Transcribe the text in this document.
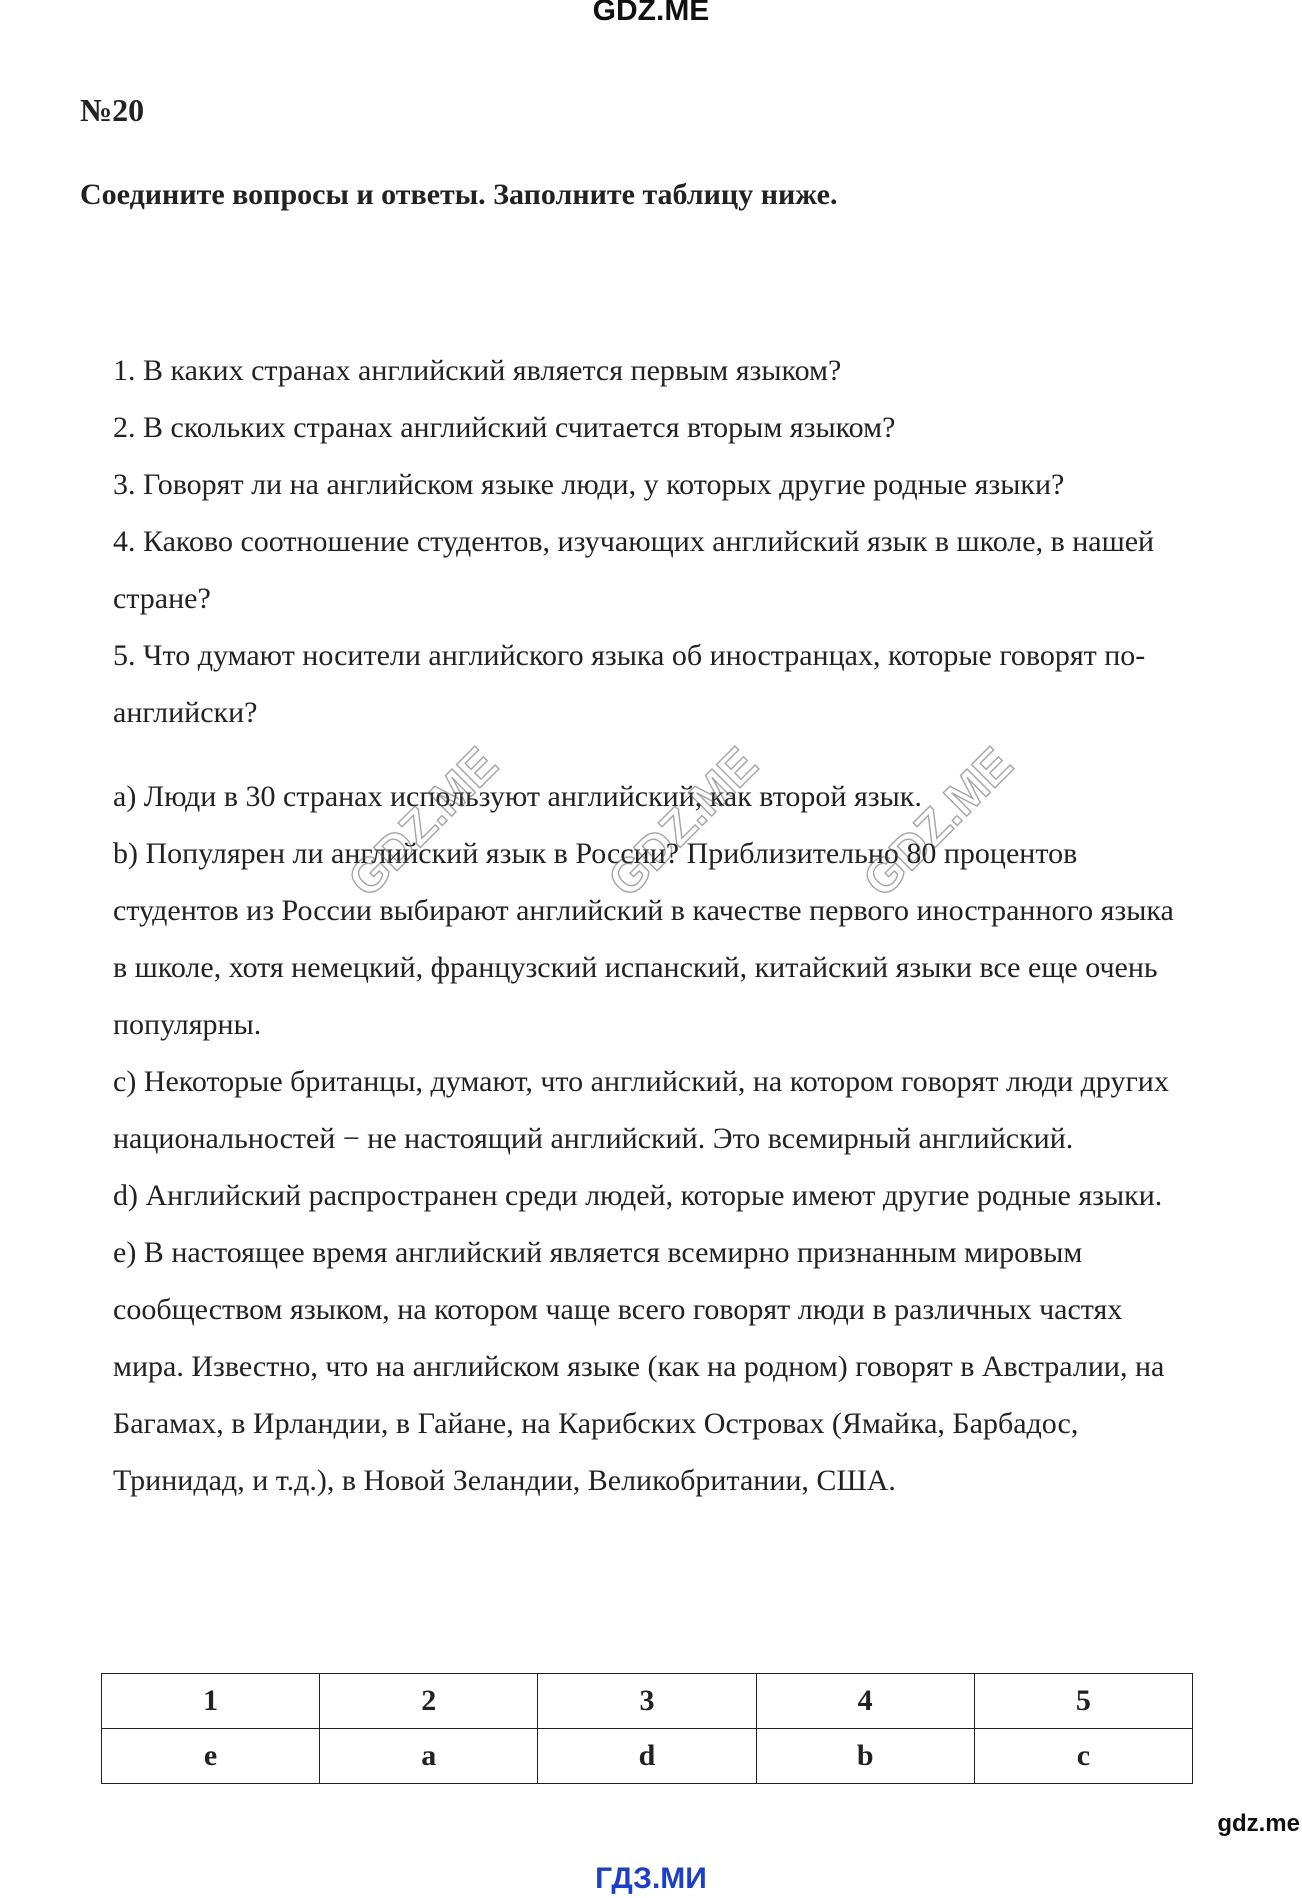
GDZ.ME
№20
Соедините вопросы и ответы. Заполните таблицу ниже.

1. В каких странах английский является первым языком?

2. В скольких странах английский считается вторым языком?

3. Говорят ли на английском языке люди, у которых другие родные языки?

4. Каково соотношение студентов, изучающих английский язык в школе, в нашей стране?

5. Что думают носители английского языка об иностранцах, которые говорят по-английски?

a) Люди в 30 странах используют английский, как второй язык.

b) Популярен ли английский язык в России? Приблизительно 80 процентов студентов из России выбирают английский в качестве первого иностранного языка в школе, хотя немецкий, французский испанский, китайский языки все еще очень популярны.

c) Некоторые британцы, думают, что английский, на котором говорят люди других национальностей − не настоящий английский. Это всемирный английский.

d) Английский распространен среди людей, которые имеют другие родные языки.

e) В настоящее время английский является всемирно признанным мировым сообществом языком, на котором чаще всего говорят люди в различных частях мира. Известно, что на английском языке (как на родном) говорят в Австралии, на Багамах, в Ирландии, в Гайане, на Карибских Островах (Ямайка, Барбадос, Тринидад, и т.д.), в Новой Зеландии, Великобритании, США.

GDZ.ME GDZ.ME GDZ.ME
1	2	3	4	5
e	a	d	b	c
gdz.me
ГДЗ.МИ
